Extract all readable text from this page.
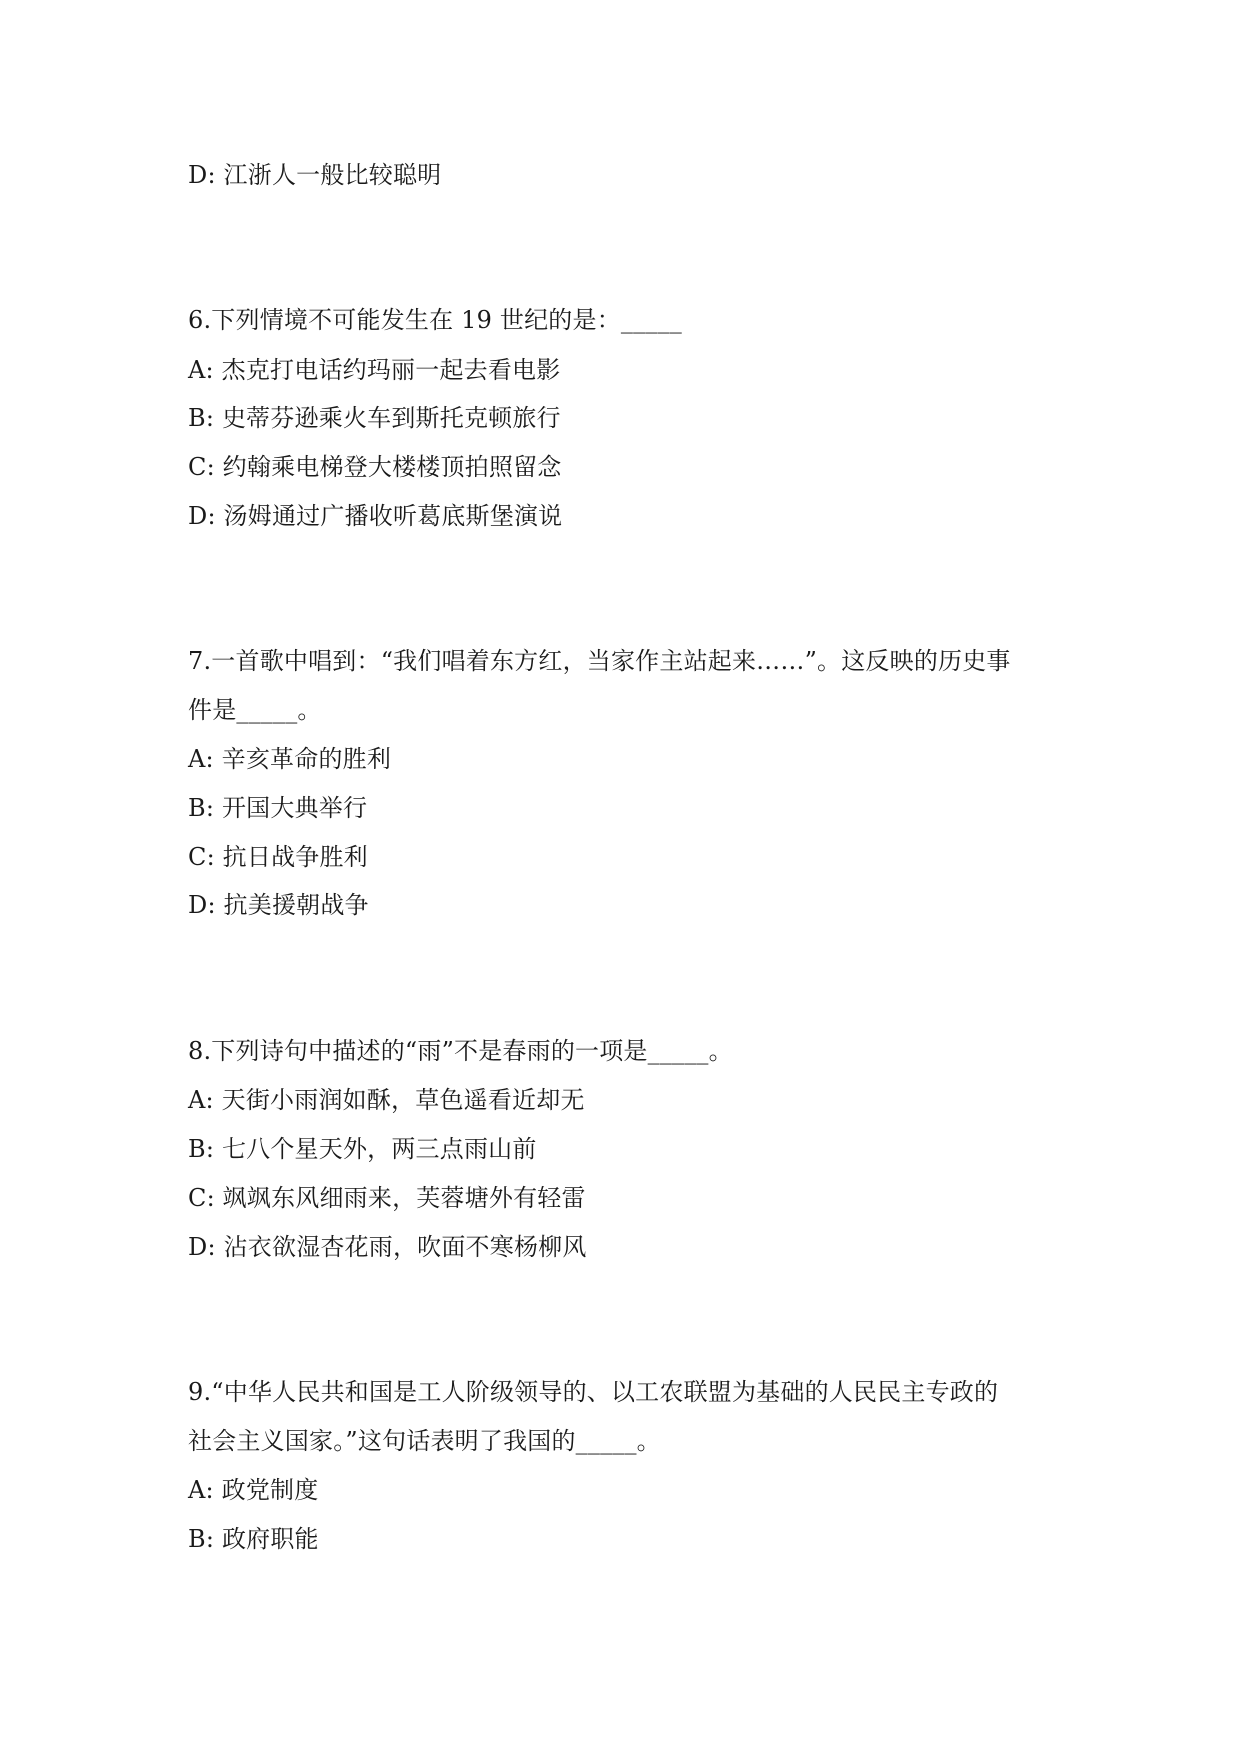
D: 江浙人一般比较聪明
6.下列情境不可能发生在 19 世纪的是：_____
A: 杰克打电话约玛丽一起去看电影
B: 史蒂芬逊乘火车到斯托克顿旅行
C: 约翰乘电梯登大楼楼顶拍照留念
D: 汤姆通过广播收听葛底斯堡演说
7.一首歌中唱到：“我们唱着东方红，当家作主站起来……”。这反映的历史事
件是_____。
A: 辛亥革命的胜利
B: 开国大典举行
C: 抗日战争胜利
D: 抗美援朝战争
8.下列诗句中描述的“雨”不是春雨的一项是_____。
A: 天街小雨润如酥，草色遥看近却无
B: 七八个星天外，两三点雨山前
C: 飒飒东风细雨来，芙蓉塘外有轻雷
D: 沾衣欲湿杏花雨，吹面不寒杨柳风
9.“中华人民共和国是工人阶级领导的、以工农联盟为基础的人民民主专政的
社会主义国家。”这句话表明了我国的_____。
A: 政党制度
B: 政府职能
